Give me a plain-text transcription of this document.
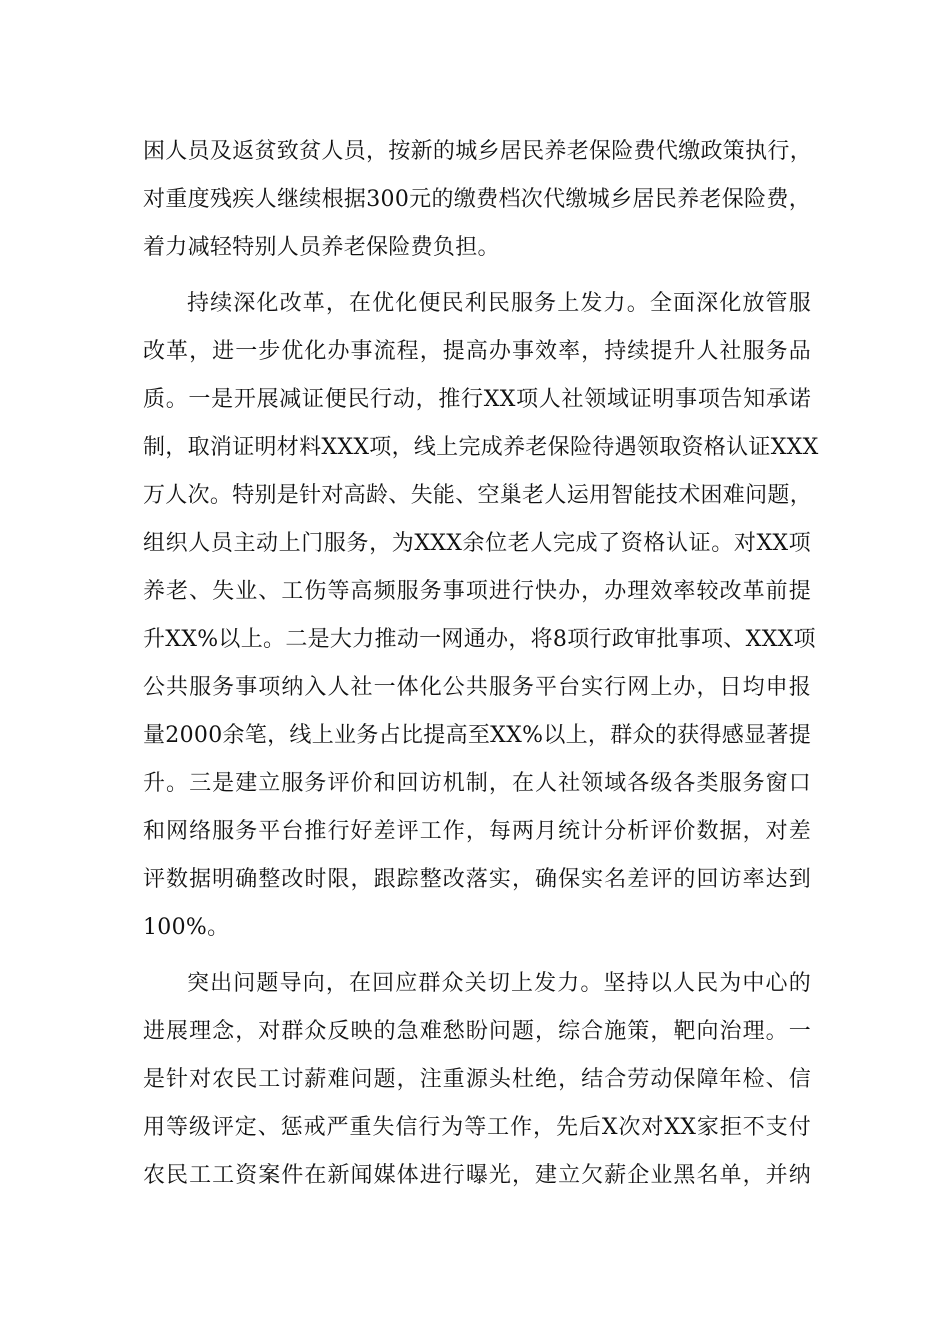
困人员及返贫致贫人员，按新的城乡居民养老保险费代缴政策执行，
对重度残疾人继续根据300元的缴费档次代缴城乡居民养老保险费，
着力减轻特别人员养老保险费负担。
持续深化改革，在优化便民利民服务上发力。全面深化放管服
改革，进一步优化办事流程，提高办事效率，持续提升人社服务品
质。一是开展减证便民行动，推行XX项人社领域证明事项告知承诺
制，取消证明材料XXX项，线上完成养老保险待遇领取资格认证XXX
万人次。特别是针对高龄、失能、空巢老人运用智能技术困难问题，
组织人员主动上门服务，为XXX余位老人完成了资格认证。对XX项
养老、失业、工伤等高频服务事项进行快办，办理效率较改革前提
升XX%以上。二是大力推动一网通办，将8项行政审批事项、XXX项
公共服务事项纳入人社一体化公共服务平台实行网上办，日均申报
量2000余笔，线上业务占比提高至XX%以上，群众的获得感显著提
升。三是建立服务评价和回访机制，在人社领域各级各类服务窗口
和网络服务平台推行好差评工作，每两月统计分析评价数据，对差
评数据明确整改时限，跟踪整改落实，确保实名差评的回访率达到
100%。
突出问题导向，在回应群众关切上发力。坚持以人民为中心的
进展理念，对群众反映的急难愁盼问题，综合施策，靶向治理。一
是针对农民工讨薪难问题，注重源头杜绝，结合劳动保障年检、信
用等级评定、惩戒严重失信行为等工作，先后X次对XX家拒不支付
农民工工资案件在新闻媒体进行曝光，建立欠薪企业黑名单，并纳
